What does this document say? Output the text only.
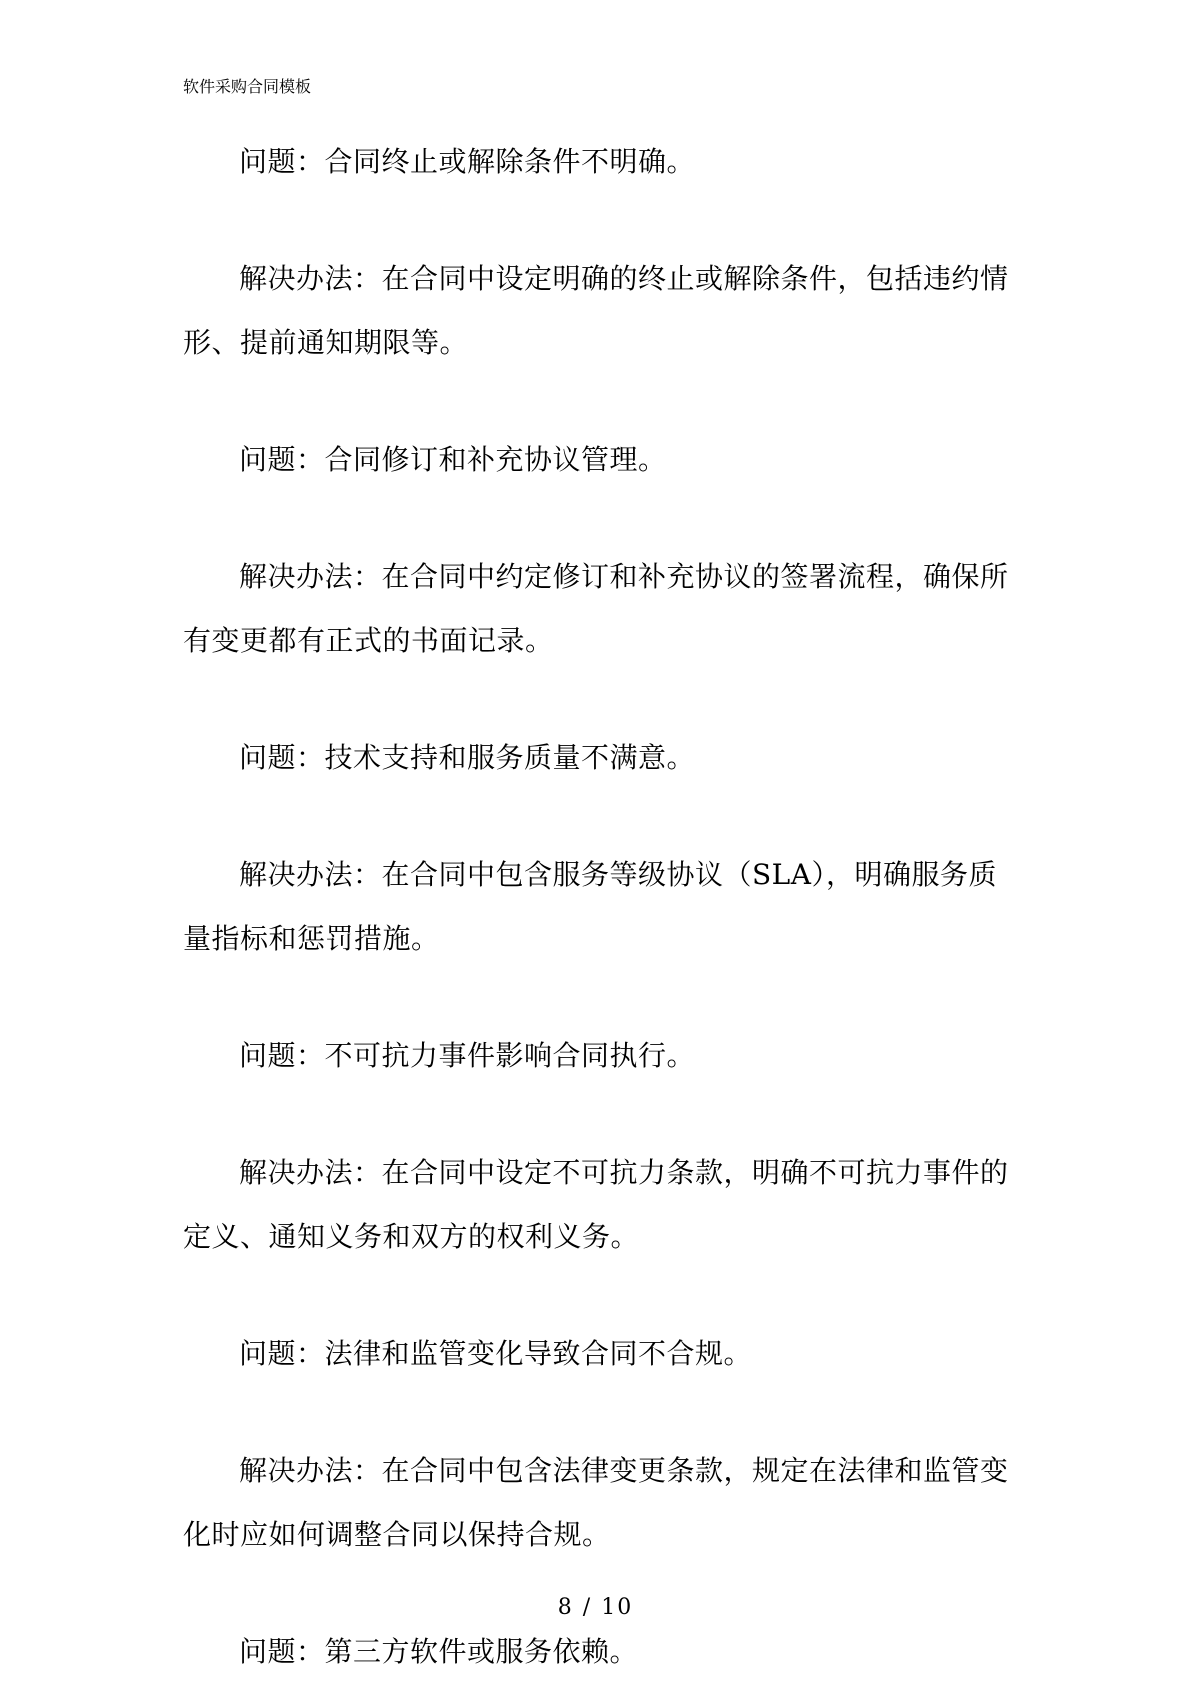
软件采购合同模板

问题：合同终止或解除条件不明确。

解决办法：在合同中设定明确的终止或解除条件，包括违约情形、提前通知期限等。

问题：合同修订和补充协议管理。

解决办法：在合同中约定修订和补充协议的签署流程，确保所有变更都有正式的书面记录。

问题：技术支持和服务质量不满意。

解决办法：在合同中包含服务等级协议（SLA），明确服务质量指标和惩罚措施。

问题：不可抗力事件影响合同执行。

解决办法：在合同中设定不可抗力条款，明确不可抗力事件的定义、通知义务和双方的权利义务。

问题：法律和监管变化导致合同不合规。

解决办法：在合同中包含法律变更条款，规定在法律和监管变化时应如何调整合同以保持合规。

问题：第三方软件或服务依赖。

8 / 10
